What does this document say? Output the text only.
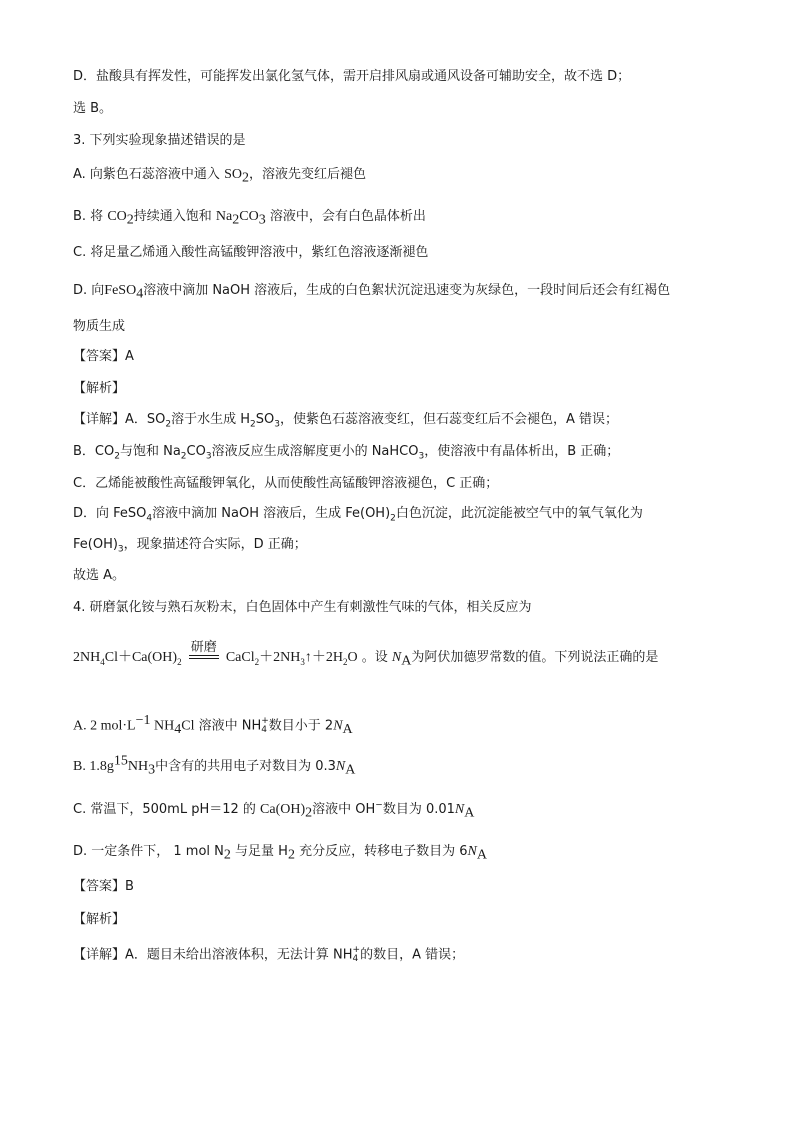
D．盐酸具有挥发性，可能挥发出氯化氢气体，需开启排风扇或通风设备可辅助安全，故不选 D；
选 B。
3. 下列实验现象描述错误的是
A. 向紫色石蕊溶液中通入 $SO_2$，溶液先变红后褪色
B. 将 $CO_2$持续通入饱和 $Na_2CO_3$ 溶液中，会有白色晶体析出
C. 将足量乙烯通入酸性高锰酸钾溶液中，紫红色溶液逐渐褪色
D. 向FeSO$_4$溶液中滴加 NaOH 溶液后，生成的白色絮状沉淀迅速变为灰绿色，一段时间后还会有红褐色
物质生成
【答案】A
【解析】
【详解】A．$SO_2$溶于水生成 $H_2SO_3$，使紫色石蕊溶液变红，但石蕊变红后不会褪色，A 错误；
B．$CO_2$与饱和 $Na_2CO_3$溶液反应生成溶解度更小的 NaHCO$_3$，使溶液中有晶体析出，B 正确；
C．乙烯能被酸性高锰酸钾氧化，从而使酸性高锰酸钾溶液褪色，C 正确；
D．向 FeSO$_4$溶液中滴加 NaOH 溶液后，生成 $Fe(OH)_2$白色沉淀，此沉淀能被空气中的氧气氧化为
$Fe(OH)_3$，现象描述符合实际，D 正确；
故选 A。
4. 研磨氯化铵与熟石灰粉末，白色固体中产生有刺激性气味的气体，相关反应为
$2NH_4Cl+Ca(OH)_2$
研磨
$CaCl_2+2NH_3↑+2H_2O$ 。设 $N_A$为阿伏加德罗常数的值。下列说法正确的是
A. 2 $mol\cdot L^{-1}$ $NH_4Cl$ 溶液中 NH +
4 数目小于 $2N_A$
B. $1.8g^{15}NH_3$中含有的共用电子对数目为 $0.3N_A$
C. 常温下，500mL pH＝12 的 $Ca(OH)_2$溶液中 OH−数目为 $0.01N_A$
D. 一定条件下， 1 mol $N_2$ 与足量 $H_2$ 充分反应，转移电子数目为 $6N_A$
【答案】B
【解析】
【详解】A．题目未给出溶液体积，无法计算 NH +
4 的数目，A 错误；
